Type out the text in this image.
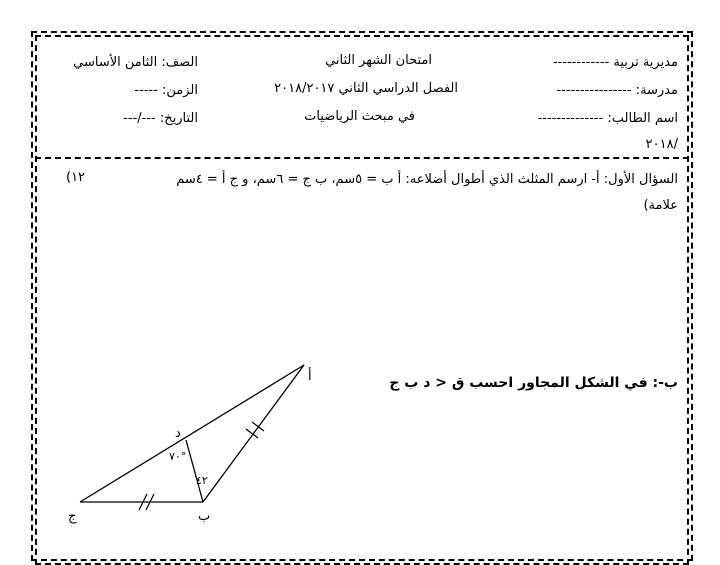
مديرية تربية ------------
امتحان الشهر الثاني
الصف: الثامن الأساسي
مدرسة: ----------------
الفصل الدراسي الثاني ٢٠١٨/٢٠١٧
الزمن: -----
اسم الطالب: --------------
في مبحث الرياضيات
التاريخ: ---/---
/٢٠١٨
السؤال الأول: أ- ارسم المثلث الذي أطوال أضلاعه: أ ب = ٥سم، ب ج = ٦سم، و ج أ = ٤سم
(١٢
علامة)
ب-: في الشكل المجاور احسب ق < د ب ج
أ
ب
ج
د
٧٠°
٤٢
